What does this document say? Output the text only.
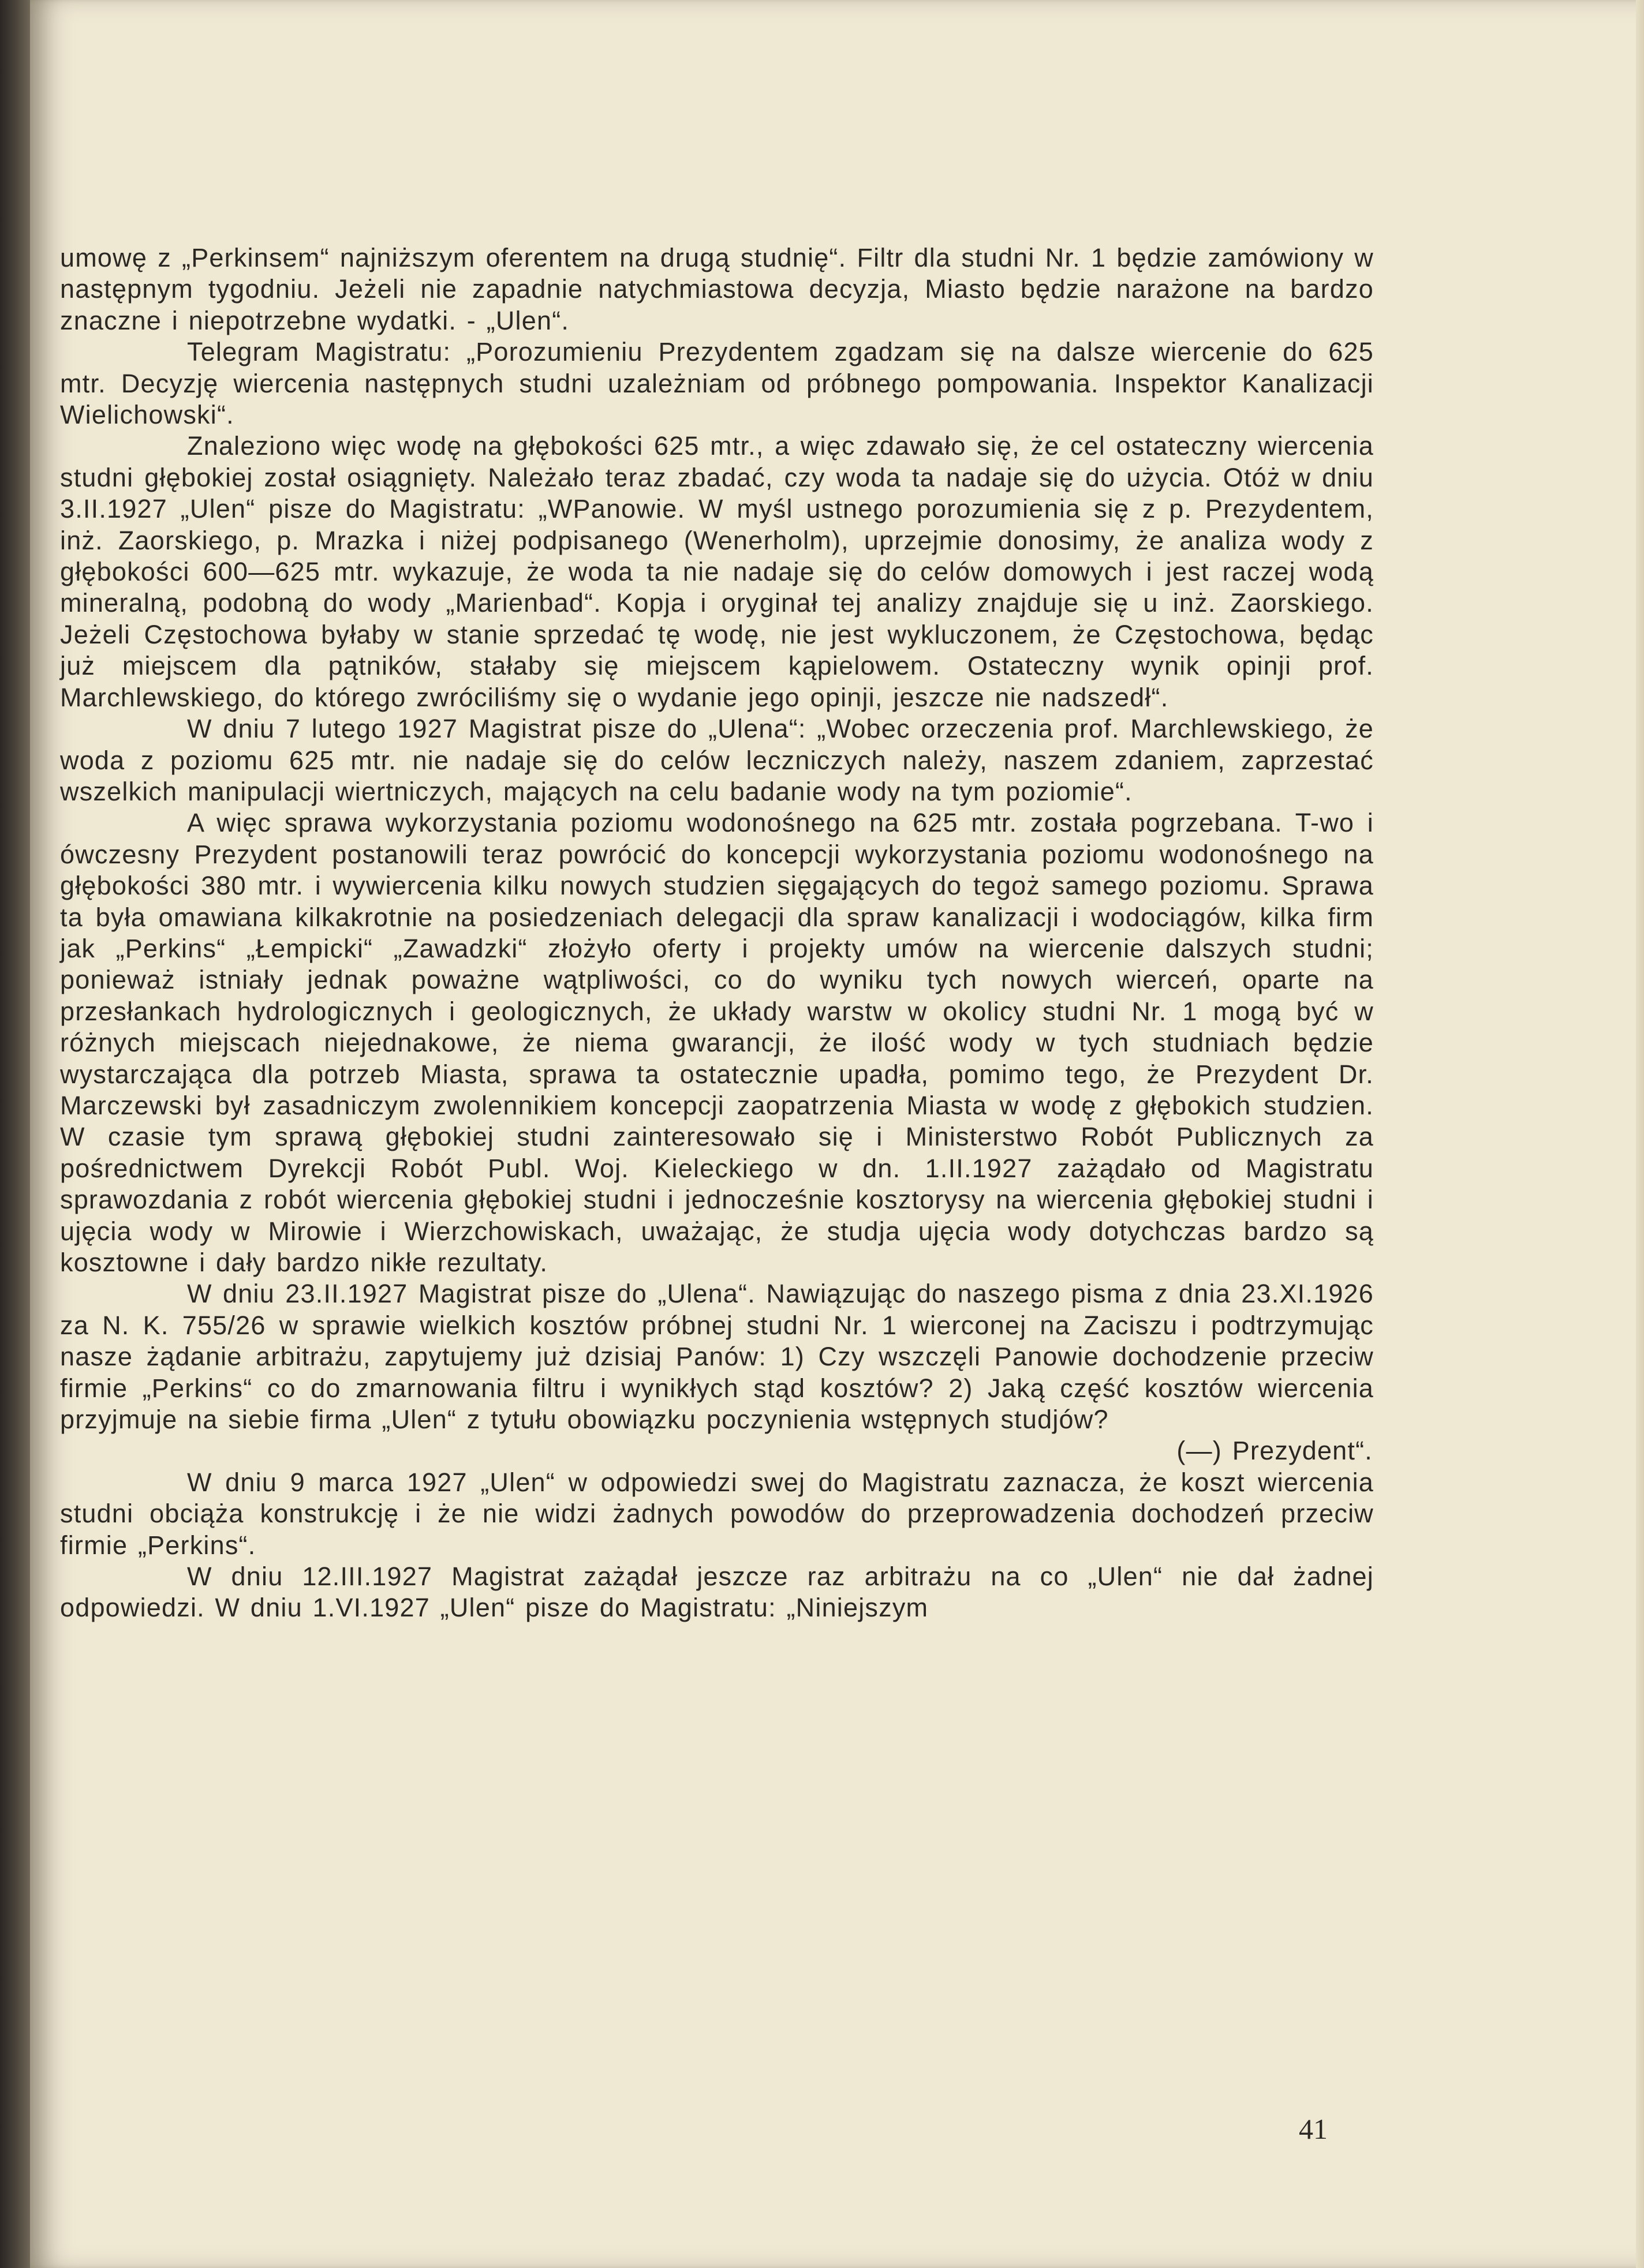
umowę z „Perkinsem“ najniższym oferentem na drugą studnię“. Filtr dla studni Nr. 1 będzie zamówiony w następnym tygodniu. Jeżeli nie zapadnie natychmiastowa decyzja, Miasto będzie narażone na bardzo znaczne i niepotrzebne wydatki. - „Ulen“.

Telegram Magistratu: „Porozumieniu Prezydentem zgadzam się na dalsze wiercenie do 625 mtr. Decyzję wiercenia następnych studni uzależniam od próbnego pompowania. Inspektor Kanalizacji Wielichowski“.

Znaleziono więc wodę na głębokości 625 mtr., a więc zdawało się, że cel ostateczny wiercenia studni głębokiej został osiągnięty. Należało teraz zbadać, czy woda ta nadaje się do użycia. Otóż w dniu 3.II.1927 „Ulen“ pisze do Magistratu: „WPanowie. W myśl ustnego porozumienia się z p. Prezydentem, inż. Zaorskiego, p. Mrazka i niżej podpisanego (Wenerholm), uprzejmie donosimy, że analiza wody z głębokości 600—625 mtr. wykazuje, że woda ta nie nadaje się do celów domowych i jest raczej wodą mineralną, podobną do wody „Marienbad“. Kopja i oryginał tej analizy znajduje się u inż. Zaorskiego. Jeżeli Częstochowa byłaby w stanie sprzedać tę wodę, nie jest wykluczonem, że Częstochowa, będąc już miejscem dla pątników, stałaby się miejscem kąpielowem. Ostateczny wynik opinji prof. Marchlewskiego, do którego zwróciliśmy się o wydanie jego opinji, jeszcze nie nadszedł“.

W dniu 7 lutego 1927 Magistrat pisze do „Ulena“: „Wobec orzeczenia prof. Marchlewskiego, że woda z poziomu 625 mtr. nie nadaje się do celów leczniczych należy, naszem zdaniem, zaprzestać wszelkich manipulacji wiertniczych, mających na celu badanie wody na tym poziomie“.

A więc sprawa wykorzystania poziomu wodonośnego na 625 mtr. została pogrzebana. T-wo i ówczesny Prezydent postanowili teraz powrócić do koncepcji wykorzystania poziomu wodonośnego na głębokości 380 mtr. i wywiercenia kilku nowych studzien sięgających do tegoż samego poziomu. Sprawa ta była omawiana kilkakrotnie na posiedzeniach delegacji dla spraw kanalizacji i wodociągów, kilka firm jak „Perkins“ „Łempicki“ „Zawadzki“ złożyło oferty i projekty umów na wiercenie dalszych studni; ponieważ istniały jednak poważne wątpliwości, co do wyniku tych nowych wierceń, oparte na przesłankach hydrologicznych i geologicznych, że układy warstw w okolicy studni Nr. 1 mogą być w różnych miejscach niejednakowe, że niema gwarancji, że ilość wody w tych studniach będzie wystarczająca dla potrzeb Miasta, sprawa ta ostatecznie upadła, pomimo tego, że Prezydent Dr. Marczewski był zasadniczym zwolennikiem koncepcji zaopatrzenia Miasta w wodę z głębokich studzien. W czasie tym sprawą głębokiej studni zainteresowało się i Ministerstwo Robót Publicznych za pośrednictwem Dyrekcji Robót Publ. Woj. Kieleckiego w dn. 1.II.1927 zażądało od Magistratu sprawozdania z robót wiercenia głębokiej studni i jednocześnie kosztorysy na wiercenia głębokiej studni i ujęcia wody w Mirowie i Wierzchowiskach, uważając, że studja ujęcia wody dotychczas bardzo są kosztowne i dały bardzo nikłe rezultaty.

W dniu 23.II.1927 Magistrat pisze do „Ulena“. Nawiązując do naszego pisma z dnia 23.XI.1926 za N. K. 755/26 w sprawie wielkich kosztów próbnej studni Nr. 1 wierconej na Zaciszu i podtrzymując nasze żądanie arbitrażu, zapytujemy już dzisiaj Panów: 1) Czy wszczęli Panowie dochodzenie przeciw firmie „Perkins“ co do zmarnowania filtru i wynikłych stąd kosztów? 2) Jaką część kosztów wiercenia przyjmuje na siebie firma „Ulen“ z tytułu obowiązku poczynienia wstępnych studjów?

(—) Prezydent“.

W dniu 9 marca 1927 „Ulen“ w odpowiedzi swej do Magistratu zaznacza, że koszt wiercenia studni obciąża konstrukcję i że nie widzi żadnych powodów do przeprowadzenia dochodzeń przeciw firmie „Perkins“.

W dniu 12.III.1927 Magistrat zażądał jeszcze raz arbitrażu na co „Ulen“ nie dał żadnej odpowiedzi. W dniu 1.VI.1927 „Ulen“ pisze do Magistratu: „Niniejszym

41
